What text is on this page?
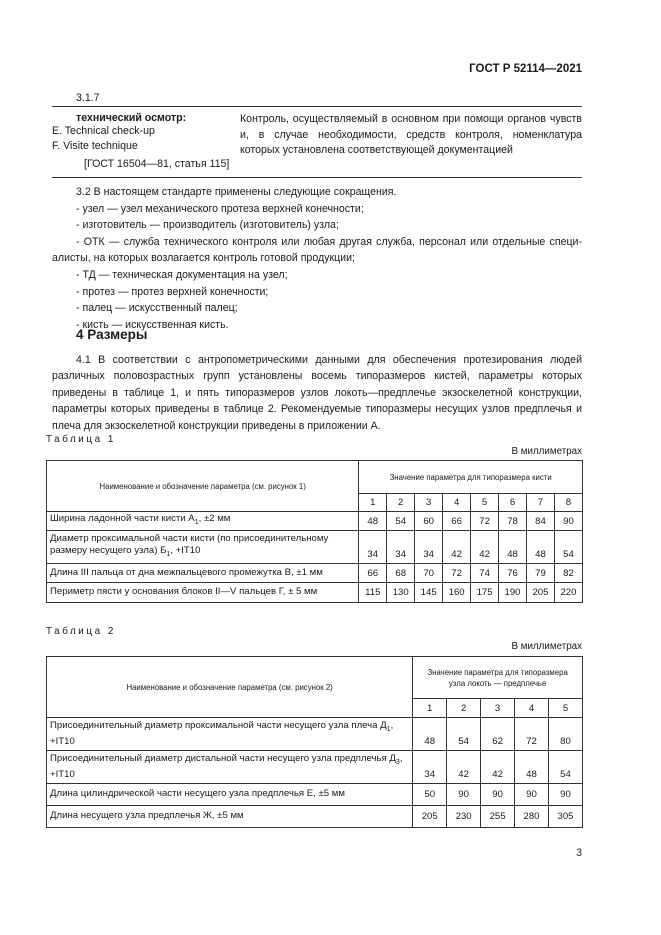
ГОСТ Р 52114—2021
3.1.7
технический осмотр:
E. Technical check-up
F. Visite technique
[ГОСТ 16504—81, статья 115]
Контроль, осуществляемый в основном при помощи органов чувств и, в случае необходимости, средств контроля, номенклатура которых установлена соответствующей документацией
3.2 В настоящем стандарте применены следующие сокращения.
- узел — узел механического протеза верхней конечности;
- изготовитель — производитель (изготовитель) узла;
- ОТК — служба технического контроля или любая другая служба, персонал или отдельные специ-
алисты, на которых возлагается контроль готовой продукции;
- ТД — техническая документация на узел;
- протез — протез верхней конечности;
- палец — искусственный палец;
- кисть — искусственная кисть.
4 Размеры
4.1 В соответствии с антропометрическими данными для обеспечения протезирования людей различных половозрастных групп установлены восемь типоразмеров кистей, параметры которых приведены в таблице 1, и пять типоразмеров узлов локоть—предплечье экзоскелетной конструкции, параметры которых приведены в таблице 2. Рекомендуемые типоразмеры несущих узлов предплечья и плеча для экзоскелетной конструкции приведены в приложении А.
Таблица 1
В миллиметрах
Наименование и обозначение параметра (см. рисунок 1)	Значение параметра для типоразмера кисти							
	1	2	3	4	5	6	7	8
Ширина ладонной части кисти $А_1$, ±2 мм	48	54	60	66	72	78	84	90
Диаметр проксимальной части кисти (по присоединительному размеру несущего узла) $Б_1$, +IT10	34	34	34	42	42	48	48	54
Длина III пальца от дна межпальцевого промежутка В, ±1 мм	66	68	70	72	74	76	79	82
Периметр пясти у основания блоков II—V пальцев Г, ± 5 мм	115	130	145	160	175	190	205	220
Таблица 2
В миллиметрах
Наименование и обозначение параметра (см. рисунок 2)	Значение параметра для типоразмера узла локоть — предплечье				
	1	2	3	4	5
Присоединительный диаметр проксимальной части несущего узла плеча $Д_1$, +IT10	48	54	62	72	80
Присоединительный диаметр дистальной части несущего узла предплечья $Д_3$, +IT10	34	42	42	48	54
Длина цилиндрической части несущего узла предплечья Е, ±5 мм	50	90	90	90	90
Длина несущего узла предплечья Ж, ±5 мм	205	230	255	280	305
3
